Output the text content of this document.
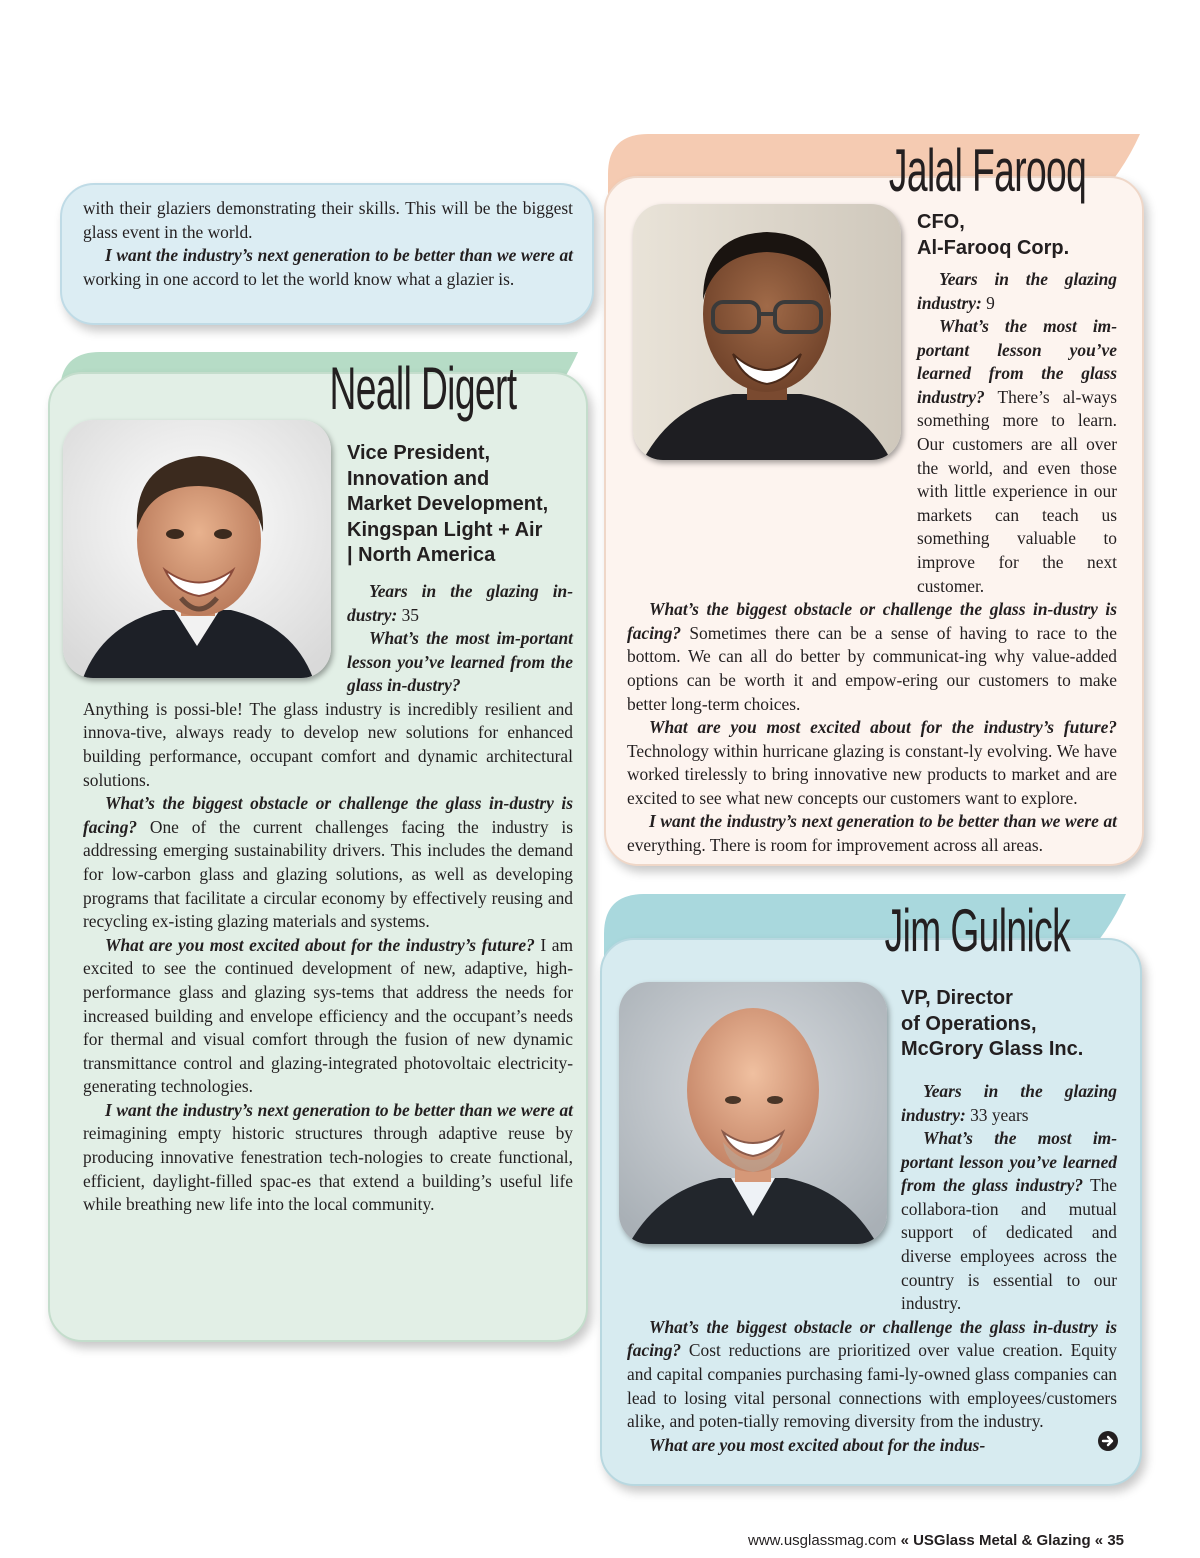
with their glaziers demonstrating their skills. This will be the biggest glass event in the world.

I want the industry’s next generation to be better than we were at working in one accord to let the world know what a glazier is.

Neall Digert
Vice President,
Innovation and
Market Development,
Kingspan Light + Air
| North America

Years in the glazing in-dustry: 35

What’s the most im-portant lesson you’ve learned from the glass in-dustry?

Anything is possi-ble! The glass industry is incredibly resilient and innova-tive, always ready to develop new solutions for enhanced building performance, occupant comfort and dynamic architectural solutions.

What’s the biggest obstacle or challenge the glass in-dustry is facing? One of the current challenges facing the industry is addressing emerging sustainability drivers. This includes the demand for low-carbon glass and glazing solutions, as well as developing programs that facilitate a circular economy by effectively reusing and recycling ex-isting glazing materials and systems.

What are you most excited about for the industry’s future? I am excited to see the continued development of new, adaptive, high-performance glass and glazing sys-tems that address the needs for increased building and envelope efficiency and the occupant’s needs for thermal and visual comfort through the fusion of new dynamic transmittance control and glazing-integrated photovoltaic electricity-generating technologies.

I want the industry’s next generation to be better than we were at reimagining empty historic structures through adaptive reuse by producing innovative fenestration tech-nologies to create functional, efficient, daylight-filled spac-es that extend a building’s useful life while breathing new life into the local community.

Jalal Farooq
CFO,
Al-Farooq Corp.

Years in the glazing industry: 9

What’s the most im-portant lesson you’ve learned from the glass industry? There’s al-ways something more to learn. Our customers are all over the world, and even those with little experience in our markets can teach us something valuable to improve for the next customer.

What’s the biggest obstacle or challenge the glass in-dustry is facing? Sometimes there can be a sense of having to race to the bottom. We can all do better by communicat-ing why value-added options can be worth it and empow-ering our customers to make better long-term choices.

What are you most excited about for the industry’s future? Technology within hurricane glazing is constant-ly evolving. We have worked tirelessly to bring innovative new products to market and are excited to see what new concepts our customers want to explore.

I want the industry’s next generation to be better than we were at everything. There is room for improvement across all areas.

Jim Gulnick
VP, Director
of Operations,
McGrory Glass Inc.

Years in the glazing industry: 33 years

What’s the most im-portant lesson you’ve learned from the glass industry? The collabora-tion and mutual support of dedicated and diverse employees across the country is essential to our industry.

What’s the biggest obstacle or challenge the glass in-dustry is facing? Cost reductions are prioritized over value creation. Equity and capital companies purchasing fami-ly-owned glass companies can lead to losing vital personal connections with employees/customers alike, and poten-tially removing diversity from the industry.

What are you most excited about for the indus-

www.usglassmag.com « USGlass Metal & Glazing « 35
